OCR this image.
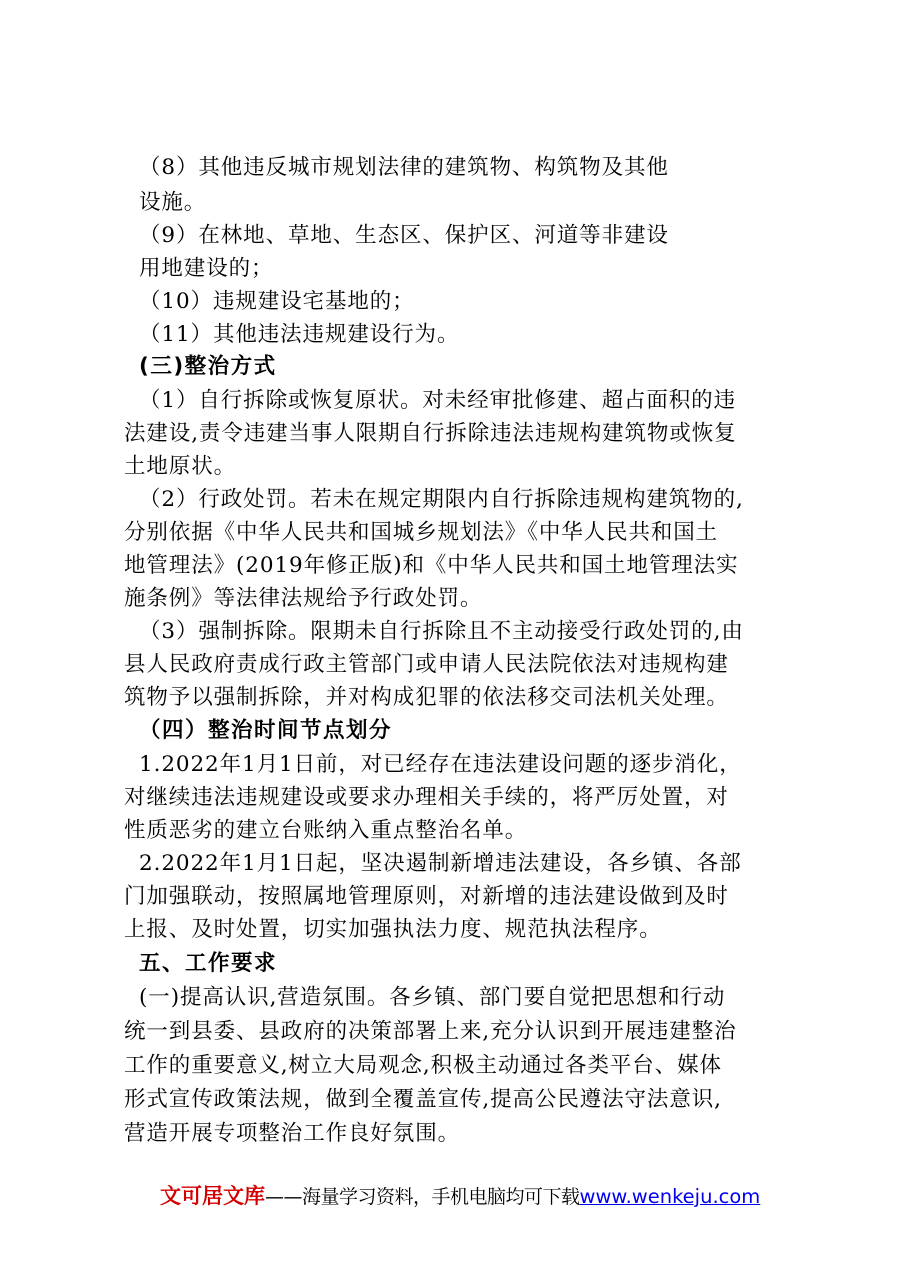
（8）其他违反城市规划法律的建筑物、构筑物及其他
设施。
（9）在林地、草地、生态区、保护区、河道等非建设
用地建设的；
（10）违规建设宅基地的；
（11）其他违法违规建设行为。
(三)整治方式
（1）自行拆除或恢复原状。对未经审批修建、超占面积的违
法建设,责令违建当事人限期自行拆除违法违规构建筑物或恢复
土地原状。
（2）行政处罚。若未在规定期限内自行拆除违规构建筑物的,
分别依据《中华人民共和国城乡规划法》《中华人民共和国土
地管理法》(2019年修正版)和《中华人民共和国土地管理法实
施条例》等法律法规给予行政处罚。
（3）强制拆除。限期未自行拆除且不主动接受行政处罚的,由
县人民政府责成行政主管部门或申请人民法院依法对违规构建
筑物予以强制拆除，并对构成犯罪的依法移交司法机关处理。
（四）整治时间节点划分
1.2022年1月1日前，对已经存在违法建设问题的逐步消化，
对继续违法违规建设或要求办理相关手续的，将严厉处置，对
性质恶劣的建立台账纳入重点整治名单。
2.2022年1月1日起，坚决遏制新增违法建设，各乡镇、各部
门加强联动，按照属地管理原则，对新增的违法建设做到及时
上报、及时处置，切实加强执法力度、规范执法程序。
五、工作要求
(一)提高认识,营造氛围。各乡镇、部门要自觉把思想和行动
统一到县委、县政府的决策部署上来,充分认识到开展违建整治
工作的重要意义,树立大局观念,积极主动通过各类平台、媒体
形式宣传政策法规，做到全覆盖宣传,提高公民遵法守法意识,
营造开展专项整治工作良好氛围。
文可居文库——海量学习资料，手机电脑均可下载www.wenkeju.com
